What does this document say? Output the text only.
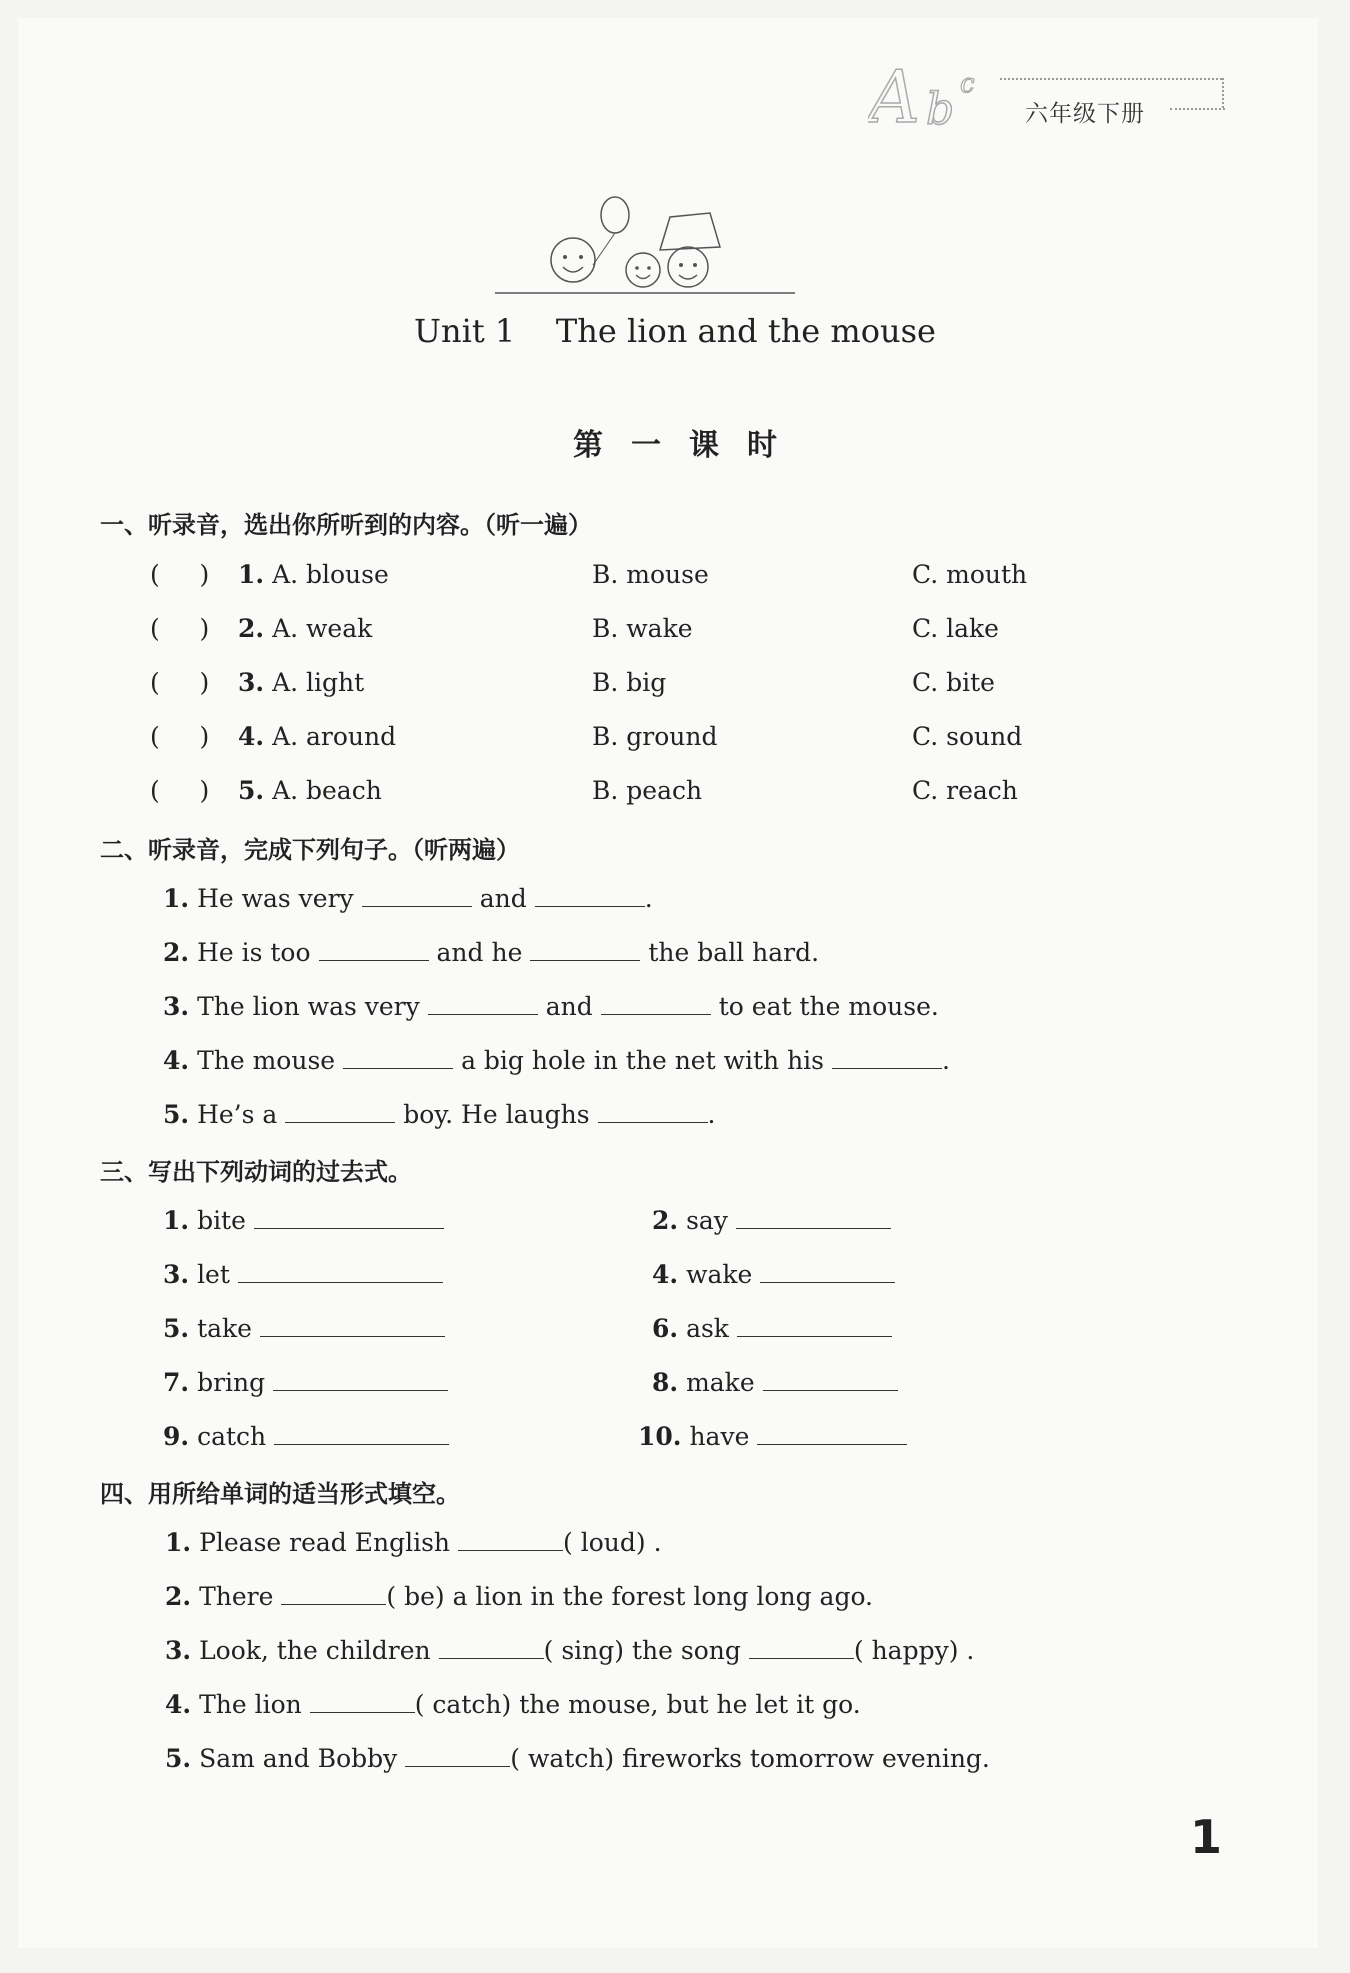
A b c
六年级下册
Unit 1    The lion and the mouse
第一课时
一、听录音，选出你所听到的内容。（听一遍）
(     ) 1. A. blouse	B. mouse	C. mouth
(     ) 2. A. weak	B. wake	C. lake
(     ) 3. A. light	B. big	C. bite
(     ) 4. A. around	B. ground	C. sound
(     ) 5. A. beach	B. peach	C. reach
二、听录音，完成下列句子。（听两遍）
1. He was very	and	.
2. He is too	and he	the ball hard.
3. The lion was very	and	to eat the mouse.
4. The mouse	a big hole in the net with his	.
5. He’s a	boy. He laughs	.
三、写出下列动词的过去式。
1. bite	2. say
3. let	4. wake
5. take	6. ask
7. bring	8. make
9. catch	10. have
四、用所给单词的适当形式填空。
1. Please read English	( loud) .
2. There	( be) a lion in the forest long long ago.
3. Look, the children	( sing) the song	( happy) .
4. The lion	( catch) the mouse, but he let it go.
5. Sam and Bobby	( watch) fireworks tomorrow evening.
1
